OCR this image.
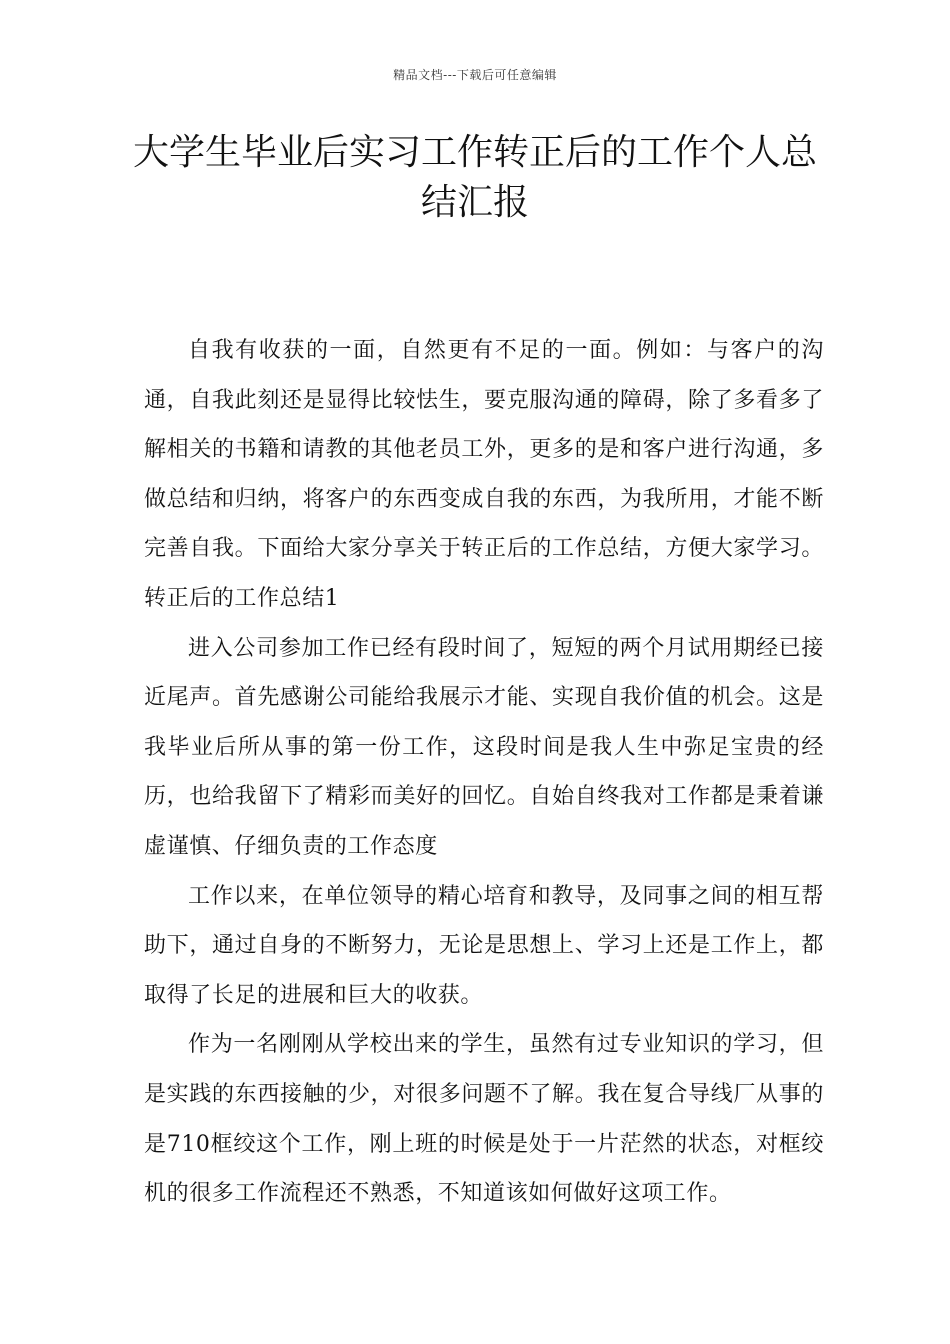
精品文档---下载后可任意编辑
大学生毕业后实习工作转正后的工作个人总结汇报

自我有收获的一面，自然更有不足的一面。例如：与客户的沟通，自我此刻还是显得比较怯生，要克服沟通的障碍，除了多看多了解相关的书籍和请教的其他老员工外，更多的是和客户进行沟通，多做总结和归纳，将客户的东西变成自我的东西，为我所用，才能不断完善自我。下面给大家分享关于转正后的工作总结，方便大家学习。转正后的工作总结1

进入公司参加工作已经有段时间了，短短的两个月试用期经已接近尾声。首先感谢公司能给我展示才能、实现自我价值的机会。这是我毕业后所从事的第一份工作，这段时间是我人生中弥足宝贵的经历，也给我留下了精彩而美好的回忆。自始自终我对工作都是秉着谦虚谨慎、仔细负责的工作态度

工作以来，在单位领导的精心培育和教导，及同事之间的相互帮助下，通过自身的不断努力，无论是思想上、学习上还是工作上，都取得了长足的进展和巨大的收获。

作为一名刚刚从学校出来的学生，虽然有过专业知识的学习，但是实践的东西接触的少，对很多问题不了解。我在复合导线厂从事的是710框绞这个工作，刚上班的时候是处于一片茫然的状态，对框绞机的很多工作流程还不熟悉，不知道该如何做好这项工作。
